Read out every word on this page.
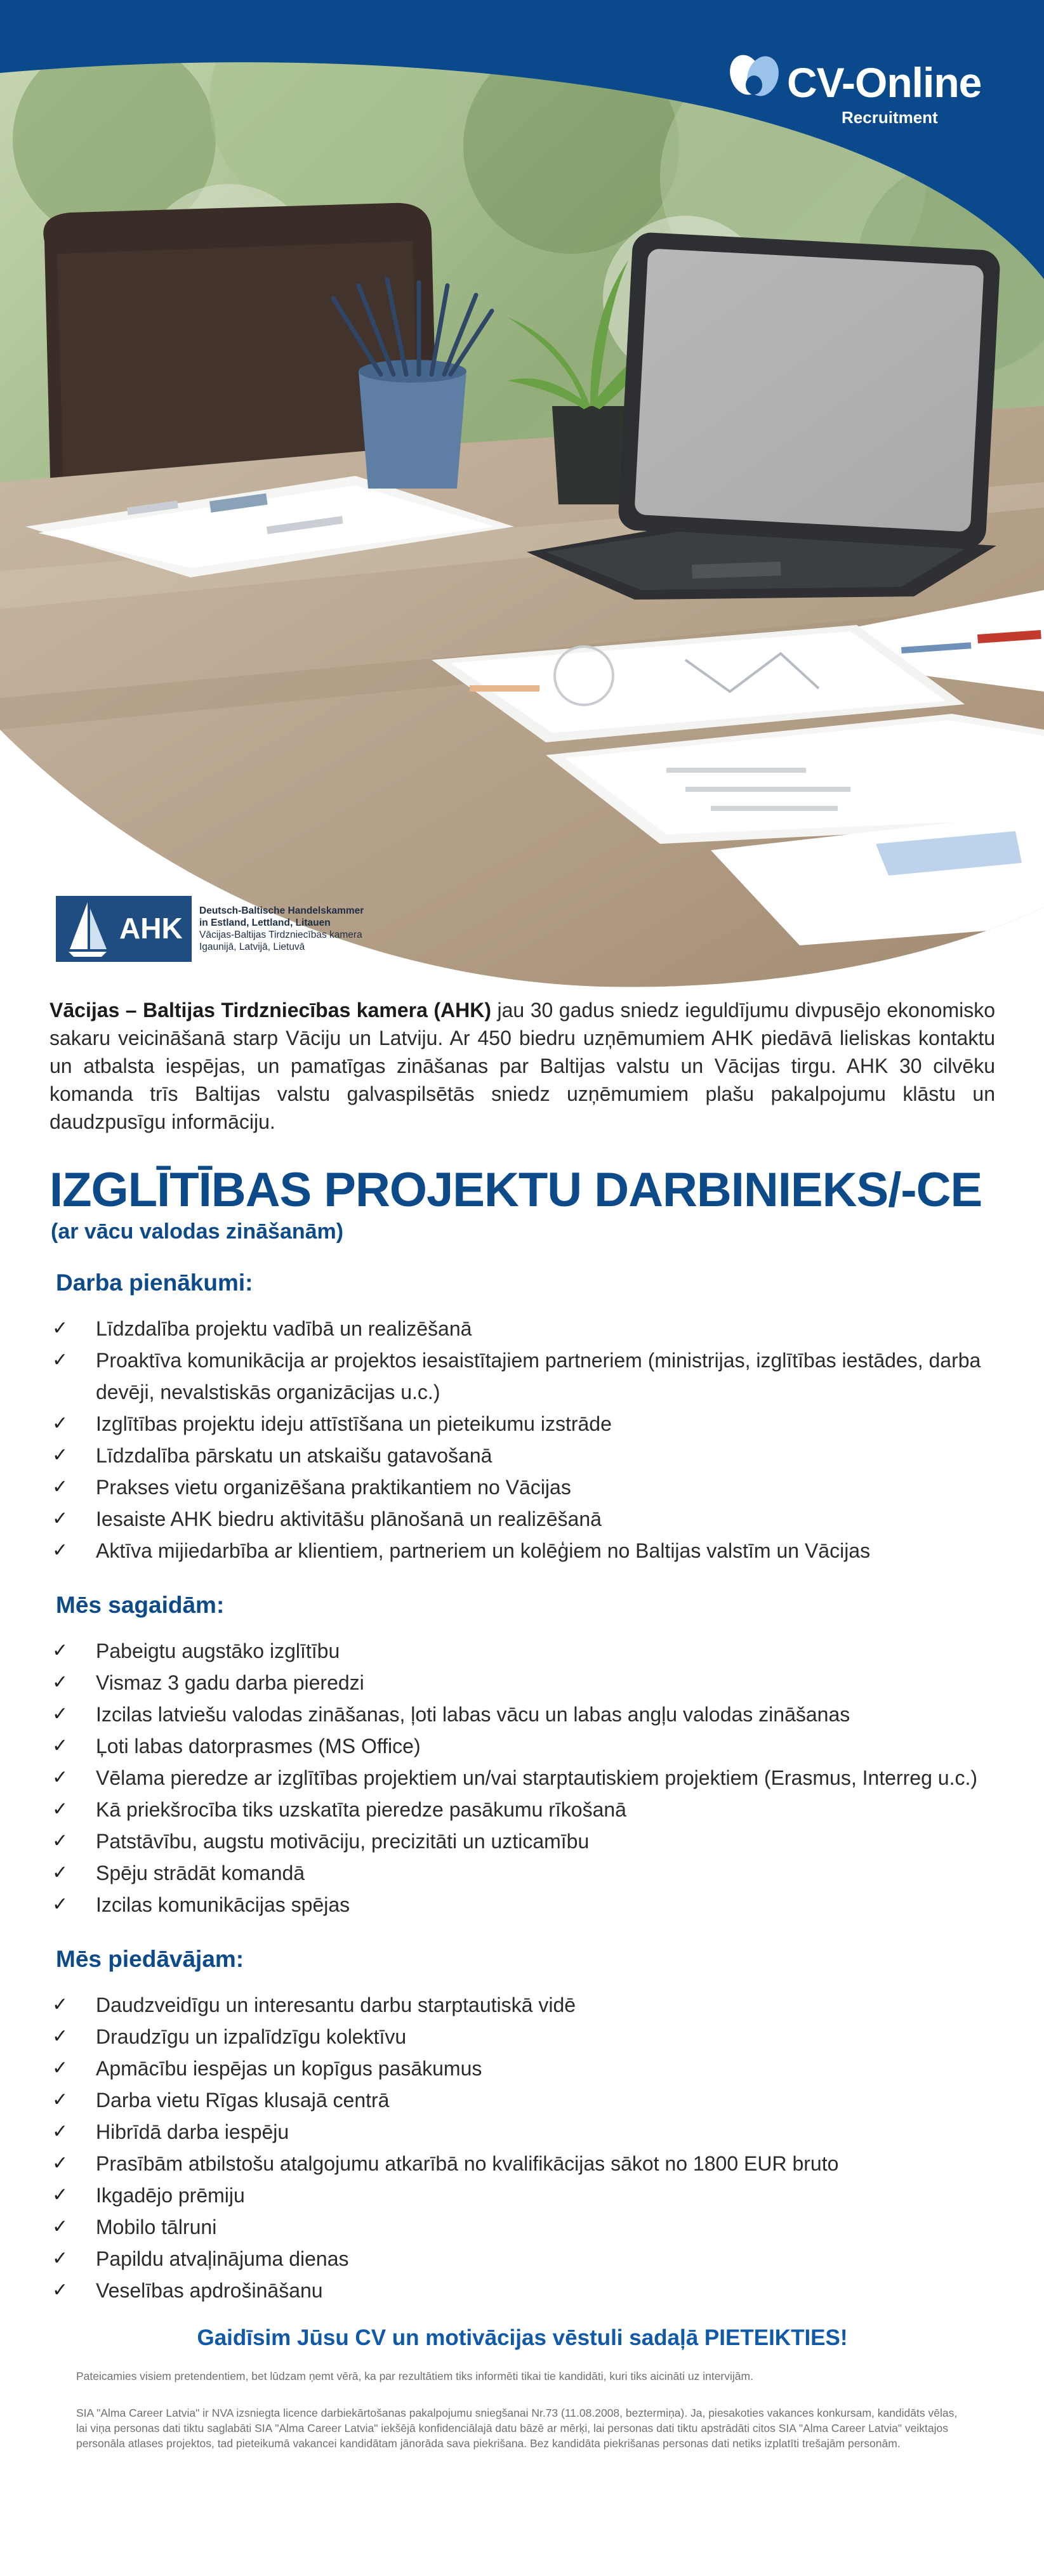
CV-Online
Recruitment
AHK
Deutsch-Baltische Handelskammer
in Estland, Lettland, Litauen
Vācijas-Baltijas Tirdzniecības kamera
Igaunijā, Latvijā, Lietuvā

Vācijas – Baltijas Tirdzniecības kamera (AHK) jau 30 gadus sniedz ieguldījumu divpusējo ekonomisko sakaru veicināšanā starp Vāciju un Latviju. Ar 450 biedru uzņēmumiem AHK piedāvā lieliskas kontaktu un atbalsta iespējas, un pamatīgas zināšanas par Baltijas valstu un Vācijas tirgu. AHK 30 cilvēku komanda trīs Baltijas valstu galvaspilsētās sniedz uzņēmumiem plašu pakalpojumu klāstu un daudzpusīgu informāciju.

IZGLĪTĪBAS PROJEKTU DARBINIEKS/-CE
(ar vācu valodas zināšanām)
Darba pienākumi:
✓ Līdzdalība projektu vadībā un realizēšanā
✓ Proaktīva komunikācija ar projektos iesaistītajiem partneriem (ministrijas, izglītības iestādes, darba devēji, nevalstiskās organizācijas u.c.)
✓ Izglītības projektu ideju attīstīšana un pieteikumu izstrāde
✓ Līdzdalība pārskatu un atskaišu gatavošanā
✓ Prakses vietu organizēšana praktikantiem no Vācijas
✓ Iesaiste AHK biedru aktivitāšu plānošanā un realizēšanā
✓ Aktīva mijiedarbība ar klientiem, partneriem un kolēģiem no Baltijas valstīm un Vācijas
Mēs sagaidām:
✓ Pabeigtu augstāko izglītību
✓ Vismaz 3 gadu darba pieredzi
✓ Izcilas latviešu valodas zināšanas, ļoti labas vācu un labas angļu valodas zināšanas
✓ Ļoti labas datorprasmes (MS Office)
✓ Vēlama pieredze ar izglītības projektiem un/vai starptautiskiem projektiem (Erasmus, Interreg u.c.)
✓ Kā priekšrocība tiks uzskatīta pieredze pasākumu rīkošanā
✓ Patstāvību, augstu motivāciju, precizitāti un uzticamību
✓ Spēju strādāt komandā
✓ Izcilas komunikācijas spējas
Mēs piedāvājam:
✓ Daudzveidīgu un interesantu darbu starptautiskā vidē
✓ Draudzīgu un izpalīdzīgu kolektīvu
✓ Apmācību iespējas un kopīgus pasākumus
✓ Darba vietu Rīgas klusajā centrā
✓ Hibrīdā darba iespēju
✓ Prasībām atbilstošu atalgojumu atkarībā no kvalifikācijas sākot no 1800 EUR bruto
✓ Ikgadējo prēmiju
✓ Mobilo tālruni
✓ Papildu atvaļinājuma dienas
✓ Veselības apdrošināšanu
Gaidīsim Jūsu CV un motivācijas vēstuli sadaļā PIETEIKTIES!
Pateicamies visiem pretendentiem, bet lūdzam ņemt vērā, ka par rezultātiem tiks informēti tikai tie kandidāti, kuri tiks aicināti uz intervijām.
SIA "Alma Career Latvia" ir NVA izsniegta licence darbiekārtošanas pakalpojumu sniegšanai Nr.73 (11.08.2008, beztermiņa). Ja, piesakoties vakances konkursam, kandidāts vēlas, lai viņa personas dati tiktu saglabāti SIA "Alma Career Latvia" iekšējā konfidenciālajā datu bāzē ar mērķi, lai personas dati tiktu apstrādāti citos SIA "Alma Career Latvia" veiktajos personāla atlases projektos, tad pieteikumā vakancei kandidātam jānorāda sava piekrišana. Bez kandidāta piekrišanas personas dati netiks izplatīti trešajām personām.
